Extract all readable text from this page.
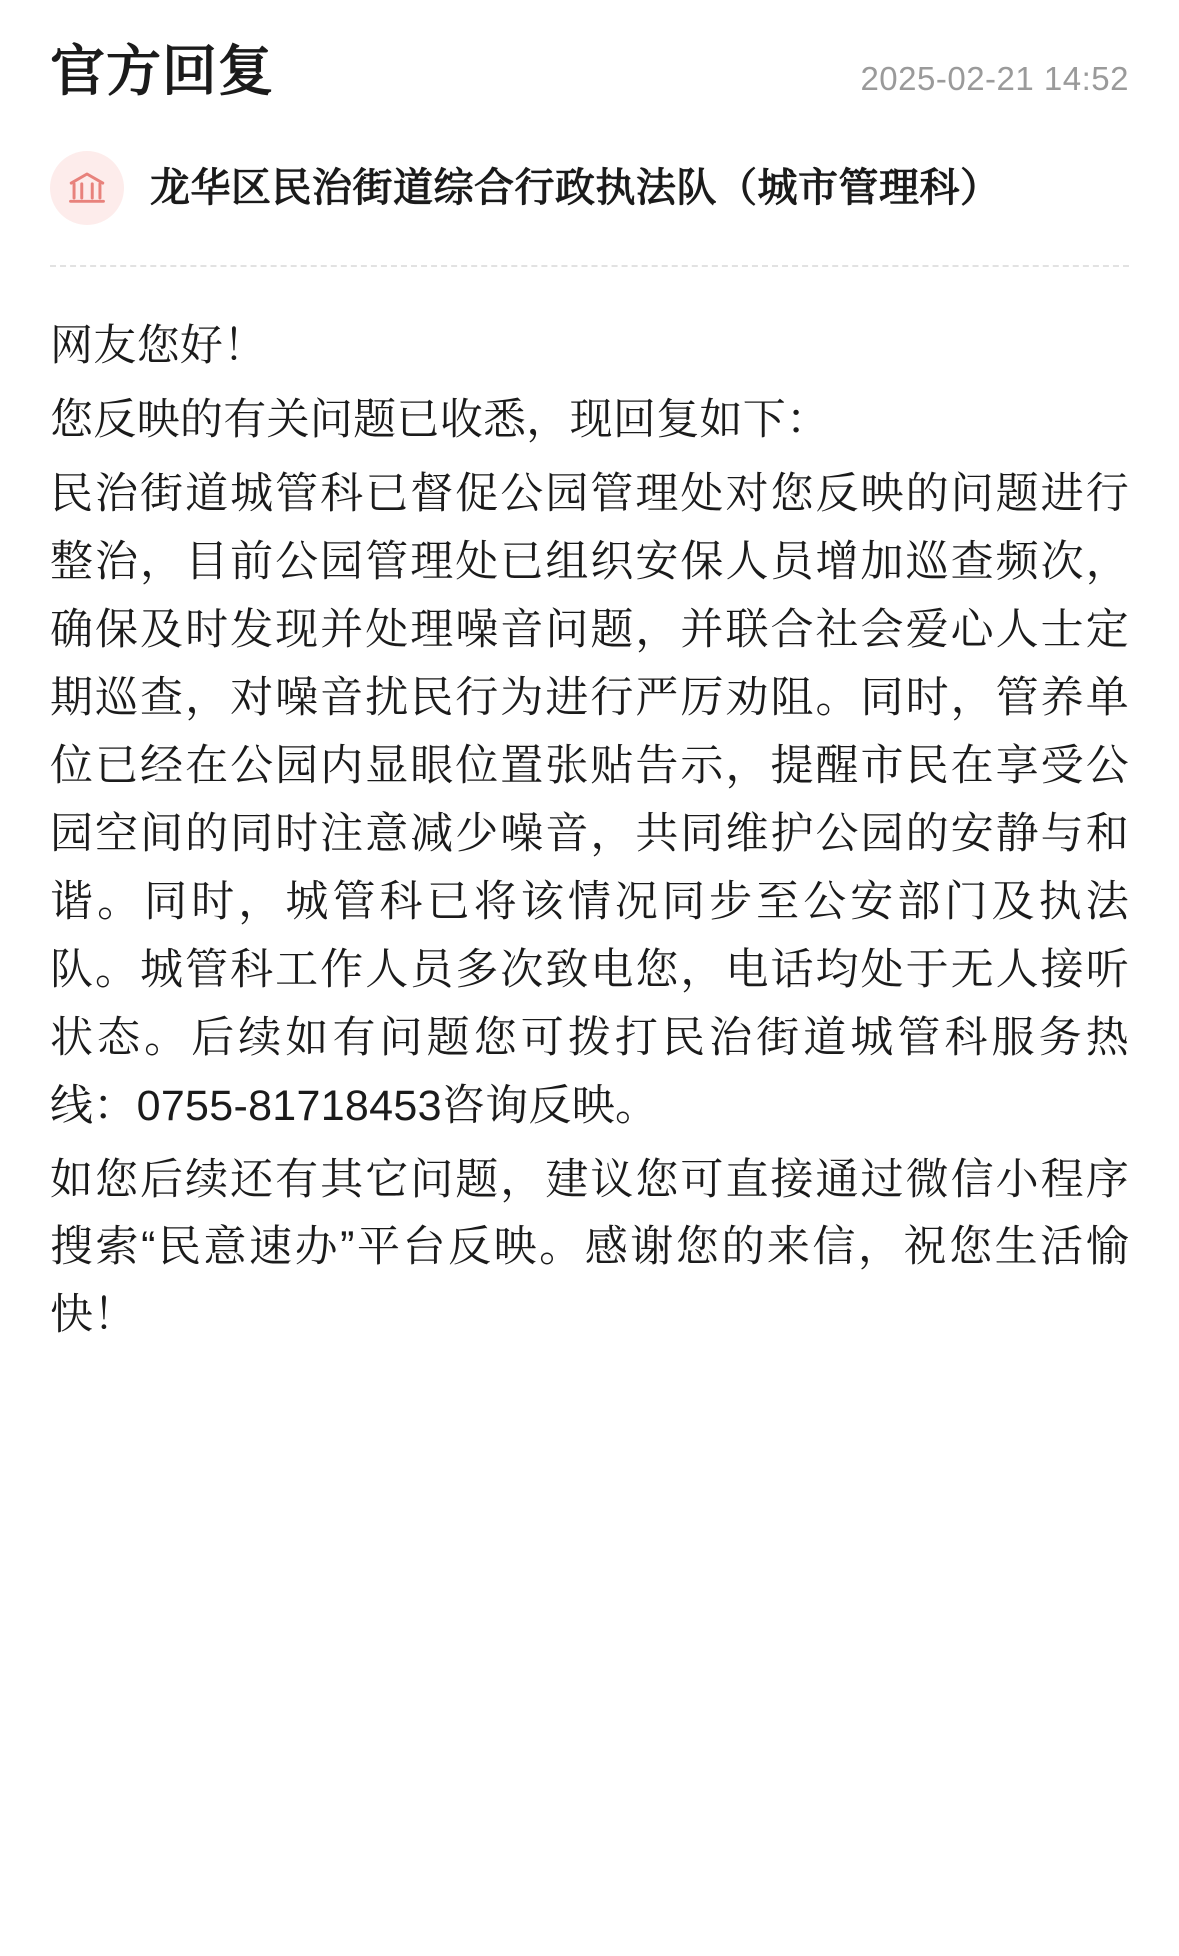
官方回复	2025-02-21 14:52
龙华区民治街道综合行政执法队（城市管理科）

网友您好！

您反映的有关问题已收悉，现回复如下：

民治街道城管科已督促公园管理处对您反映的问题进行整治，目前公园管理处已组织安保人员增加巡查频次，确保及时发现并处理噪音问题，并联合社会爱心人士定期巡查，对噪音扰民行为进行严厉劝阻。同时，管养单位已经在公园内显眼位置张贴告示，提醒市民在享受公园空间的同时注意减少噪音，共同维护公园的安静与和谐。同时，城管科已将该情况同步至公安部门及执法队。城管科工作人员多次致电您，电话均处于无人接听状态。后续如有问题您可拨打民治街道城管科服务热线：0755-81718453咨询反映。

如您后续还有其它问题，建议您可直接通过微信小程序搜索“民意速办”平台反映。感谢您的来信，祝您生活愉快！
